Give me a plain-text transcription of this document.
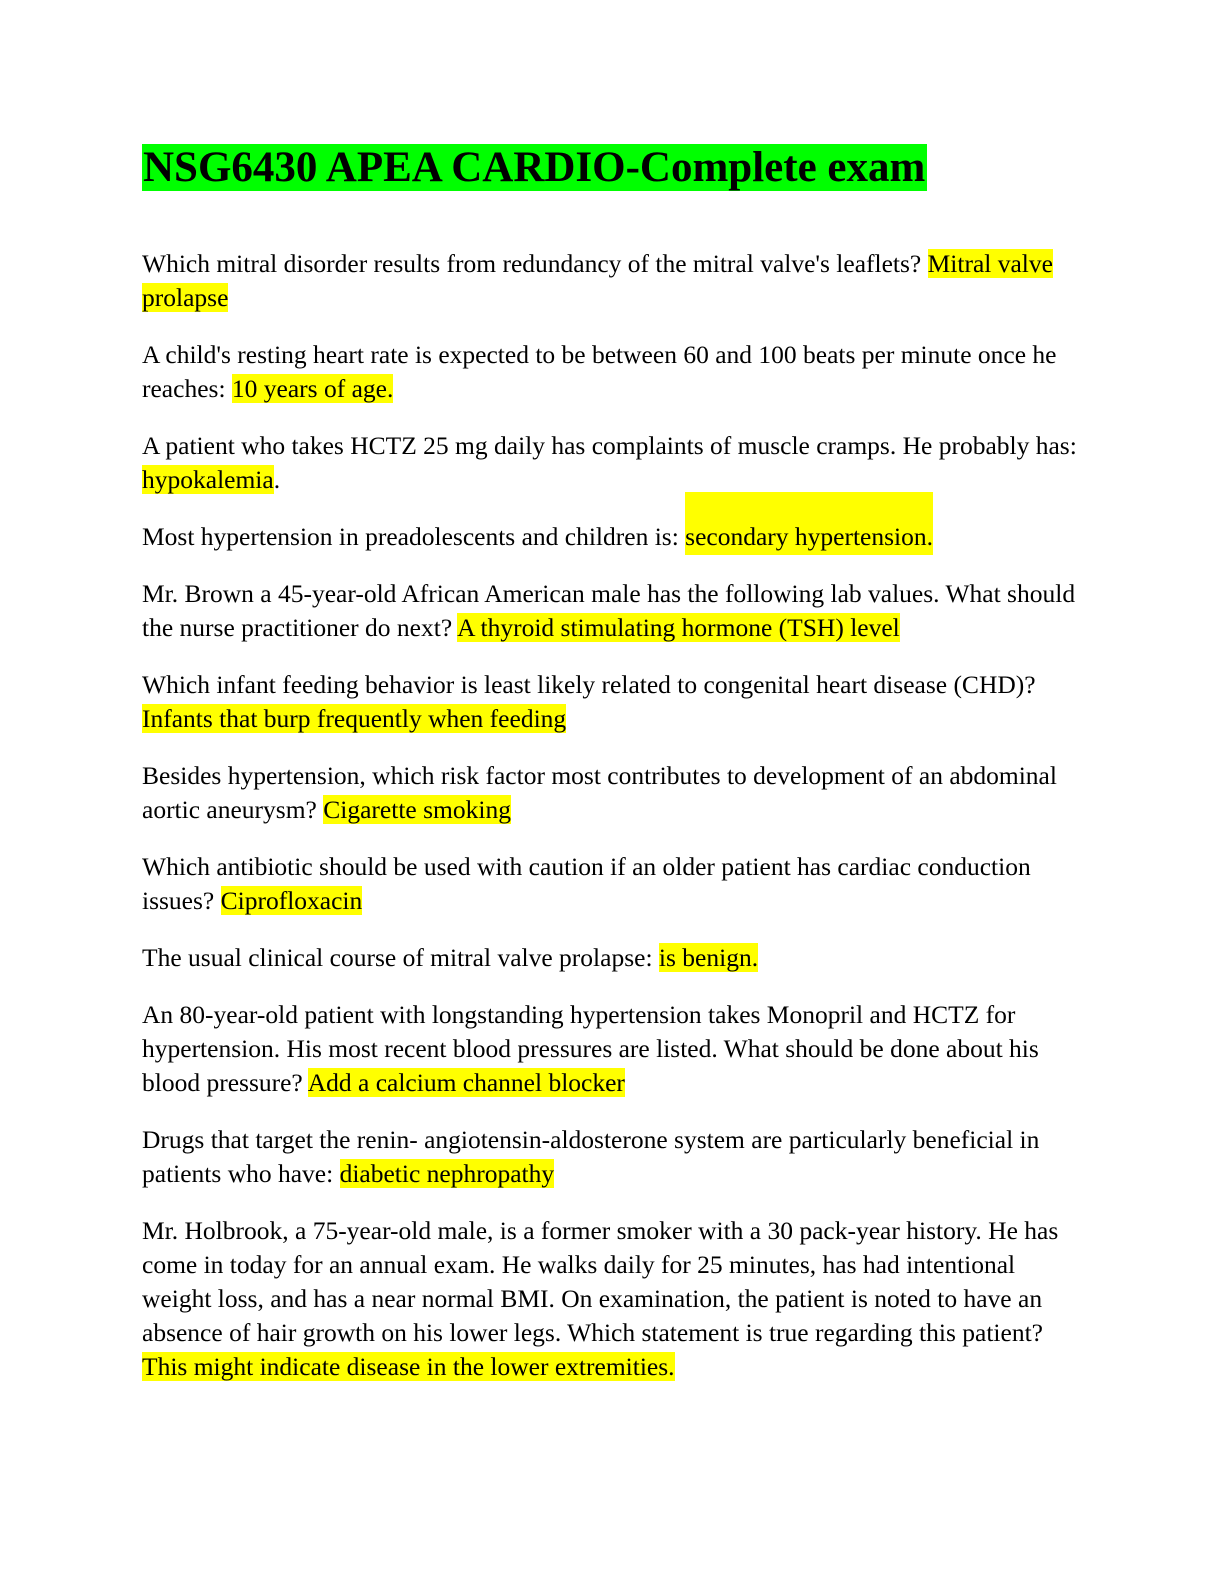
NSG6430 APEA CARDIO-Complete exam

Which mitral disorder results from redundancy of the mitral valve's leaflets? Mitral valve prolapse

A child's resting heart rate is expected to be between 60 and 100 beats per minute once he reaches: 10 years of age.

A patient who takes HCTZ 25 mg daily has complaints of muscle cramps. He probably has: hypokalemia.

Most hypertension in preadolescents and children is: secondary hypertension.

Mr. Brown a 45-year-old African American male has the following lab values. What should the nurse practitioner do next? A thyroid stimulating hormone (TSH) level

Which infant feeding behavior is least likely related to congenital heart disease (CHD)? Infants that burp frequently when feeding

Besides hypertension, which risk factor most contributes to development of an abdominal aortic aneurysm? Cigarette smoking

Which antibiotic should be used with caution if an older patient has cardiac conduction issues? Ciprofloxacin

The usual clinical course of mitral valve prolapse: is benign.

An 80-year-old patient with longstanding hypertension takes Monopril and HCTZ for hypertension. His most recent blood pressures are listed. What should be done about his blood pressure? Add a calcium channel blocker

Drugs that target the renin- angiotensin-aldosterone system are particularly beneficial in patients who have: diabetic nephropathy

Mr. Holbrook, a 75-year-old male, is a former smoker with a 30 pack-year history. He has come in today for an annual exam. He walks daily for 25 minutes, has had intentional weight loss, and has a near normal BMI. On examination, the patient is noted to have an absence of hair growth on his lower legs. Which statement is true regarding this patient? This might indicate disease in the lower extremities.
